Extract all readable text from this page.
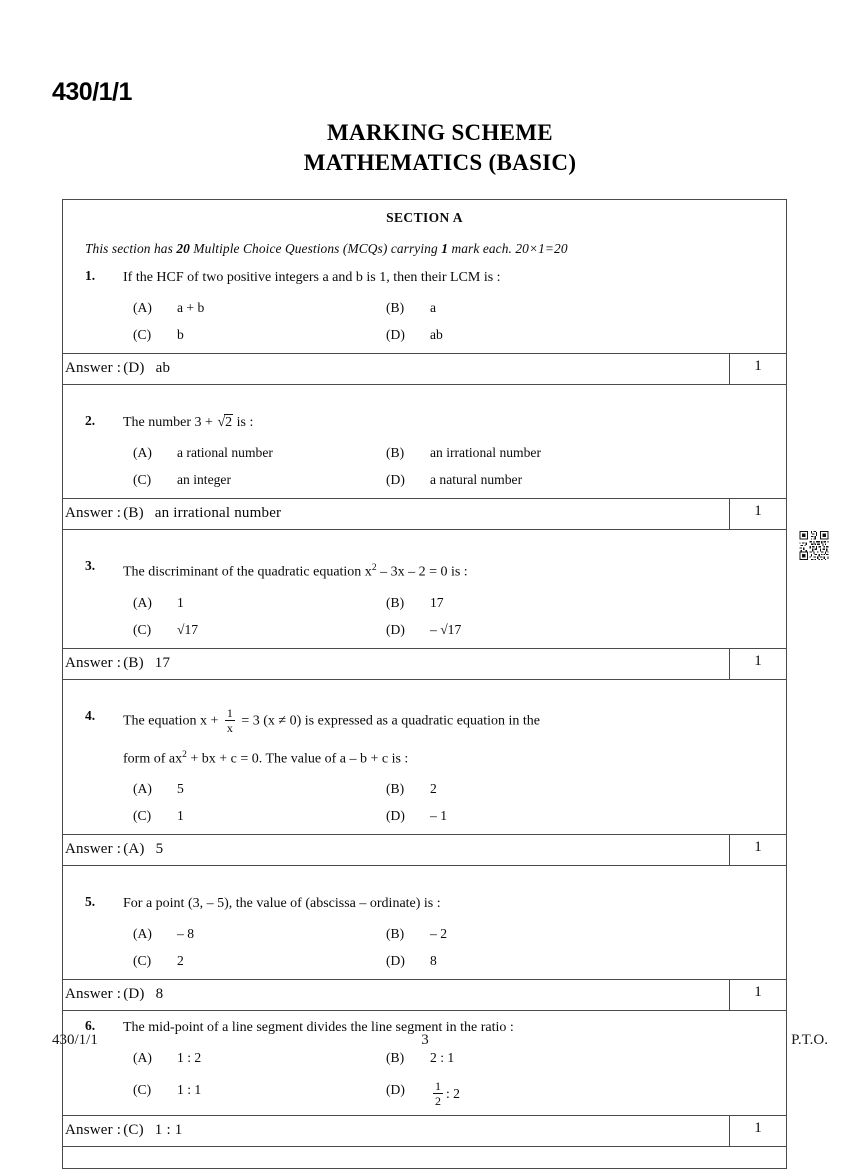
430/1/1
MARKING SCHEME
MATHEMATICS (BASIC)
SECTION A
This section has 20 Multiple Choice Questions (MCQs) carrying 1 mark each. 20×1=20
1.	If the HCF of two positive integers a and b is 1, then their LCM is :
(A)	a + b	(B)	a
(C)	b	(D)	ab
Answer : (D) ab	1
2.	The number 3 + √2 is :
(A)	a rational number	(B)	an irrational number
(C)	an integer	(D)	a natural number
Answer : (B) an irrational number	1
3.	The discriminant of the quadratic equation $x^2 - 3x - 2 = 0$ is :
(A)	1	(B)	17
(C)	√17	(D)	– √17
Answer : (B) 17	1
4.	The equation $x + \frac{1}{x} = 3$ (x ≠ 0) is expressed as a quadratic equation in the
form of $ax^2$ + bx + c = 0. The value of a – b + c is :
(A)	5	(B)	2
(C)	1	(D)	– 1
Answer : (A) 5	1
5.	For a point (3, – 5), the value of (abscissa – ordinate) is :
(A)	– 8	(B)	– 2
(C)	2	(D)	8
Answer : (D) 8	1
6.	The mid-point of a line segment divides the line segment in the ratio :
(A)	1 : 2	(B)	2 : 1
(C)	1 : 1	(D)	$\frac{1}{2}$ : 2
Answer : (C) 1 : 1	1
430/1/1	3	P.T.O.
